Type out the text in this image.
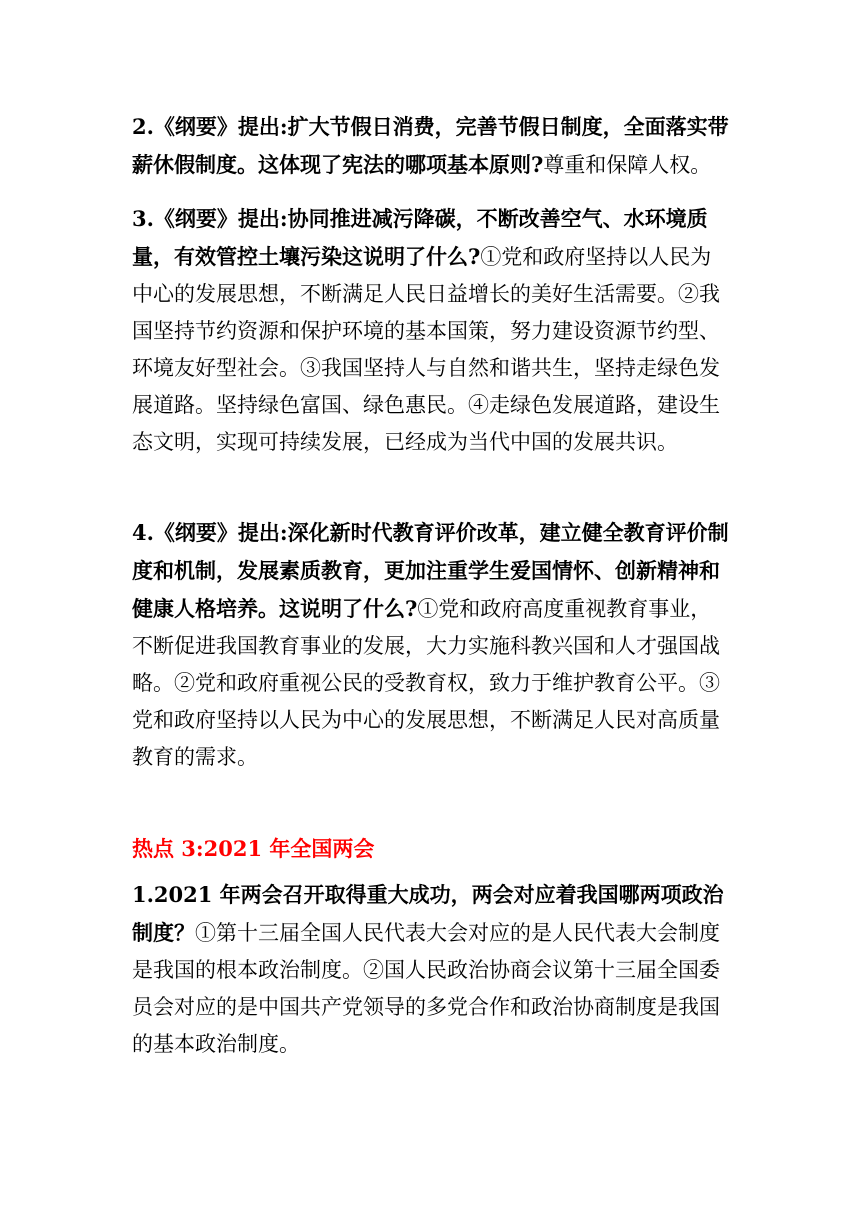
2.《纲要》提出:扩大节假日消费，完善节假日制度，全面落实带薪休假制度。这体现了宪法的哪项基本原则?尊重和保障人权。

3.《纲要》提出:协同推进减污降碳，不断改善空气、水环境质量，有效管控土壤污染这说明了什么?①党和政府坚持以人民为中心的发展思想，不断满足人民日益增长的美好生活需要。②我国坚持节约资源和保护环境的基本国策，努力建设资源节约型、环境友好型社会。③我国坚持人与自然和谐共生，坚持走绿色发展道路。坚持绿色富国、绿色惠民。④走绿色发展道路，建设生态文明，实现可持续发展，已经成为当代中国的发展共识。

4.《纲要》提出:深化新时代教育评价改革，建立健全教育评价制度和机制，发展素质教育，更加注重学生爱国情怀、创新精神和健康人格培养。这说明了什么?①党和政府高度重视教育事业，不断促进我国教育事业的发展，大力实施科教兴国和人才强国战略。②党和政府重视公民的受教育权，致力于维护教育公平。③党和政府坚持以人民为中心的发展思想，不断满足人民对高质量教育的需求。

热点 3:2021 年全国两会

1.2021 年两会召开取得重大成功，两会对应着我国哪两项政治制度？①第十三届全国人民代表大会对应的是人民代表大会制度是我国的根本政治制度。②国人民政治协商会议第十三届全国委员会对应的是中国共产党领导的多党合作和政治协商制度是我国的基本政治制度。
